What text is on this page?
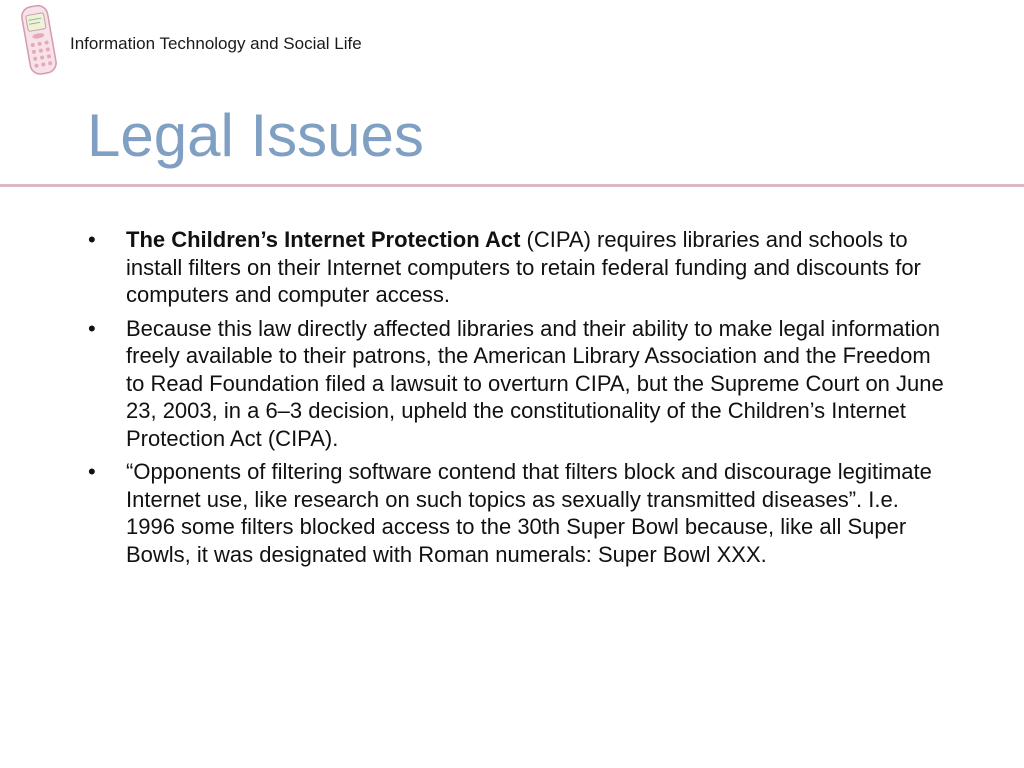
Information Technology and Social Life
Legal Issues
•	The Children’s Internet Protection Act (CIPA) requires libraries and schools to install filters on their Internet computers to retain federal funding and discounts for computers and computer access.
•	Because this law directly affected libraries and their ability to make legal information freely available to their patrons, the American Library Association and the Freedom to Read Foundation filed a lawsuit to overturn CIPA, but the Supreme Court on June 23, 2003, in a 6–3 decision, upheld the constitutionality of the Children’s Internet Protection Act (CIPA).
•	“Opponents of filtering software contend that filters block and discourage legitimate Internet use, like research on such topics as sexually transmitted diseases”. I.e. 1996 some filters blocked access to the 30th Super Bowl because, like all Super Bowls, it was designated with Roman numerals: Super Bowl XXX.
